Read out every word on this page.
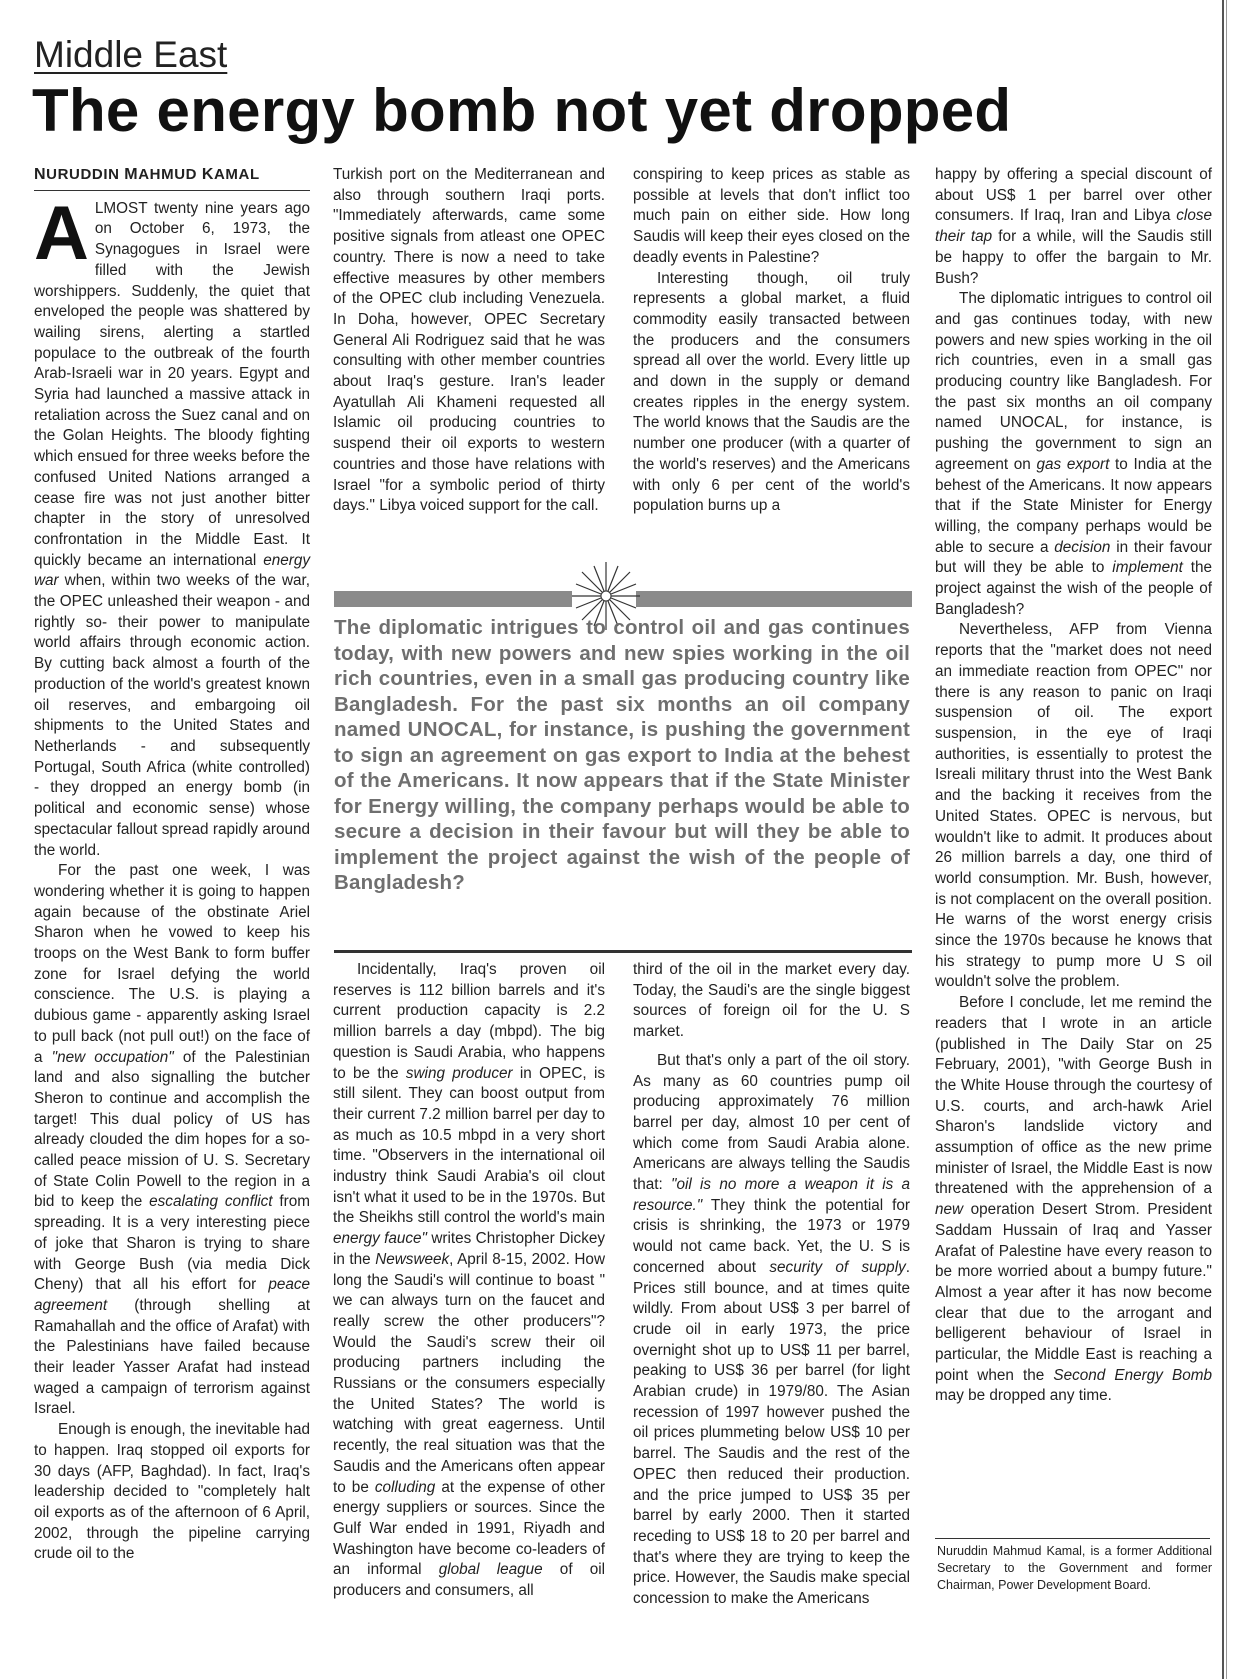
Middle East
The energy bomb not yet dropped
NURUDDIN MAHMUD KAMAL

ALMOST twenty nine years ago on October 6, 1973, the Synagogues in Israel were filled with the Jewish worshippers. Suddenly, the quiet that enveloped the people was shattered by wailing sirens, alerting a startled populace to the outbreak of the fourth Arab-Israeli war in 20 years. Egypt and Syria had launched a massive attack in retaliation across the Suez canal and on the Golan Heights. The bloody fighting which ensued for three weeks before the confused United Nations arranged a cease fire was not just another bitter chapter in the story of unresolved confrontation in the Middle East. It quickly became an international energy war when, within two weeks of the war, the OPEC unleashed their weapon - and rightly so- their power to manipulate world affairs through economic action. By cutting back almost a fourth of the production of the world's greatest known oil reserves, and embargoing oil shipments to the United States and Netherlands - and subsequently Portugal, South Africa (white controlled) - they dropped an energy bomb (in political and economic sense) whose spectacular fallout spread rapidly around the world.

For the past one week, I was wondering whether it is going to happen again because of the obstinate Ariel Sharon when he vowed to keep his troops on the West Bank to form buffer zone for Israel defying the world conscience. The U.S. is playing a dubious game - apparently asking Israel to pull back (not pull out!) on the face of a "new occupation" of the Palestinian land and also signalling the butcher Sheron to continue and accomplish the target! This dual policy of US has already clouded the dim hopes for a so-called peace mission of U. S. Secretary of State Colin Powell to the region in a bid to keep the escalating conflict from spreading. It is a very interesting piece of joke that Sharon is trying to share with George Bush (via media Dick Cheny) that all his effort for peace agreement (through shelling at Ramahallah and the office of Arafat) with the Palestinians have failed because their leader Yasser Arafat had instead waged a campaign of terrorism against Israel.

Enough is enough, the inevitable had to happen. Iraq stopped oil exports for 30 days (AFP, Baghdad). In fact, Iraq's leadership decided to "completely halt oil exports as of the afternoon of 6 April, 2002, through the pipeline carrying crude oil to the

Turkish port on the Mediterranean and also through southern Iraqi ports. "Immediately afterwards, came some positive signals from atleast one OPEC country. There is now a need to take effective measures by other members of the OPEC club including Venezuela. In Doha, however, OPEC Secretary General Ali Rodriguez said that he was consulting with other member countries about Iraq's gesture. Iran's leader Ayatullah Ali Khameni requested all Islamic oil producing countries to suspend their oil exports to western countries and those have relations with Israel "for a symbolic period of thirty days." Libya voiced support for the call.

conspiring to keep prices as stable as possible at levels that don't inflict too much pain on either side. How long Saudis will keep their eyes closed on the deadly events in Palestine?

Interesting though, oil truly represents a global market, a fluid commodity easily transacted between the producers and the consumers spread all over the world. Every little up and down in the supply or demand creates ripples in the energy system. The world knows that the Saudis are the number one producer (with a quarter of the world's reserves) and the Americans with only 6 per cent of the world's population burns up a

The diplomatic intrigues to control oil and gas continues today, with new powers and new spies working in the oil rich countries, even in a small gas producing country like Bangladesh. For the past six months an oil company named UNOCAL, for instance, is pushing the government to sign an agreement on gas export to India at the behest of the Americans. It now appears that if the State Minister for Energy willing, the company perhaps would be able to secure a decision in their favour but will they be able to implement the project against the wish of the people of Bangladesh?

Incidentally, Iraq's proven oil reserves is 112 billion barrels and it's current production capacity is 2.2 million barrels a day (mbpd). The big question is Saudi Arabia, who happens to be the swing producer in OPEC, is still silent. They can boost output from their current 7.2 million barrel per day to as much as 10.5 mbpd in a very short time. "Observers in the international oil industry think Saudi Arabia's oil clout isn't what it used to be in the 1970s. But the Sheikhs still control the world's main energy fauce" writes Christopher Dickey in the Newsweek, April 8-15, 2002. How long the Saudi's will continue to boast " we can always turn on the faucet and really screw the other producers"? Would the Saudi's screw their oil producing partners including the Russians or the consumers especially the United States? The world is watching with great eagerness. Until recently, the real situation was that the Saudis and the Americans often appear to be colluding at the expense of other energy suppliers or sources. Since the Gulf War ended in 1991, Riyadh and Washington have become co-leaders of an informal global league of oil producers and consumers, all

third of the oil in the market every day. Today, the Saudi's are the single biggest sources of foreign oil for the U. S market.

But that's only a part of the oil story. As many as 60 countries pump oil producing approximately 76 million barrel per day, almost 10 per cent of which come from Saudi Arabia alone. Americans are always telling the Saudis that: "oil is no more a weapon it is a resource." They think the potential for crisis is shrinking, the 1973 or 1979 would not came back. Yet, the U. S is concerned about security of supply. Prices still bounce, and at times quite wildly. From about US$ 3 per barrel of crude oil in early 1973, the price overnight shot up to US$ 11 per barrel, peaking to US$ 36 per barrel (for light Arabian crude) in 1979/80. The Asian recession of 1997 however pushed the oil prices plummeting below US$ 10 per barrel. The Saudis and the rest of the OPEC then reduced their production. and the price jumped to US$ 35 per barrel by early 2000. Then it started receding to US$ 18 to 20 per barrel and that's where they are trying to keep the price. However, the Saudis make special concession to make the Americans

happy by offering a special discount of about US$ 1 per barrel over other consumers. If Iraq, Iran and Libya close their tap for a while, will the Saudis still be happy to offer the bargain to Mr. Bush?

The diplomatic intrigues to control oil and gas continues today, with new powers and new spies working in the oil rich countries, even in a small gas producing country like Bangladesh. For the past six months an oil company named UNOCAL, for instance, is pushing the government to sign an agreement on gas export to India at the behest of the Americans. It now appears that if the State Minister for Energy willing, the company perhaps would be able to secure a decision in their favour but will they be able to implement the project against the wish of the people of Bangladesh?

Nevertheless, AFP from Vienna reports that the "market does not need an immediate reaction from OPEC" nor there is any reason to panic on Iraqi suspension of oil. The export suspension, in the eye of Iraqi authorities, is essentially to protest the Isreali military thrust into the West Bank and the backing it receives from the United States. OPEC is nervous, but wouldn't like to admit. It produces about 26 million barrels a day, one third of world consumption. Mr. Bush, however, is not complacent on the overall position. He warns of the worst energy crisis since the 1970s because he knows that his strategy to pump more U S oil wouldn't solve the problem.

Before I conclude, let me remind the readers that I wrote in an article (published in The Daily Star on 25 February, 2001), "with George Bush in the White House through the courtesy of U.S. courts, and arch-hawk Ariel Sharon's landslide victory and assumption of office as the new prime minister of Israel, the Middle East is now threatened with the apprehension of a new operation Desert Strom. President Saddam Hussain of Iraq and Yasser Arafat of Palestine have every reason to be more worried about a bumpy future." Almost a year after it has now become clear that due to the arrogant and belligerent behaviour of Israel in particular, the Middle East is reaching a point when the Second Energy Bomb may be dropped any time.

Nuruddin Mahmud Kamal, is a former Additional Secretary to the Government and former Chairman, Power Development Board.
